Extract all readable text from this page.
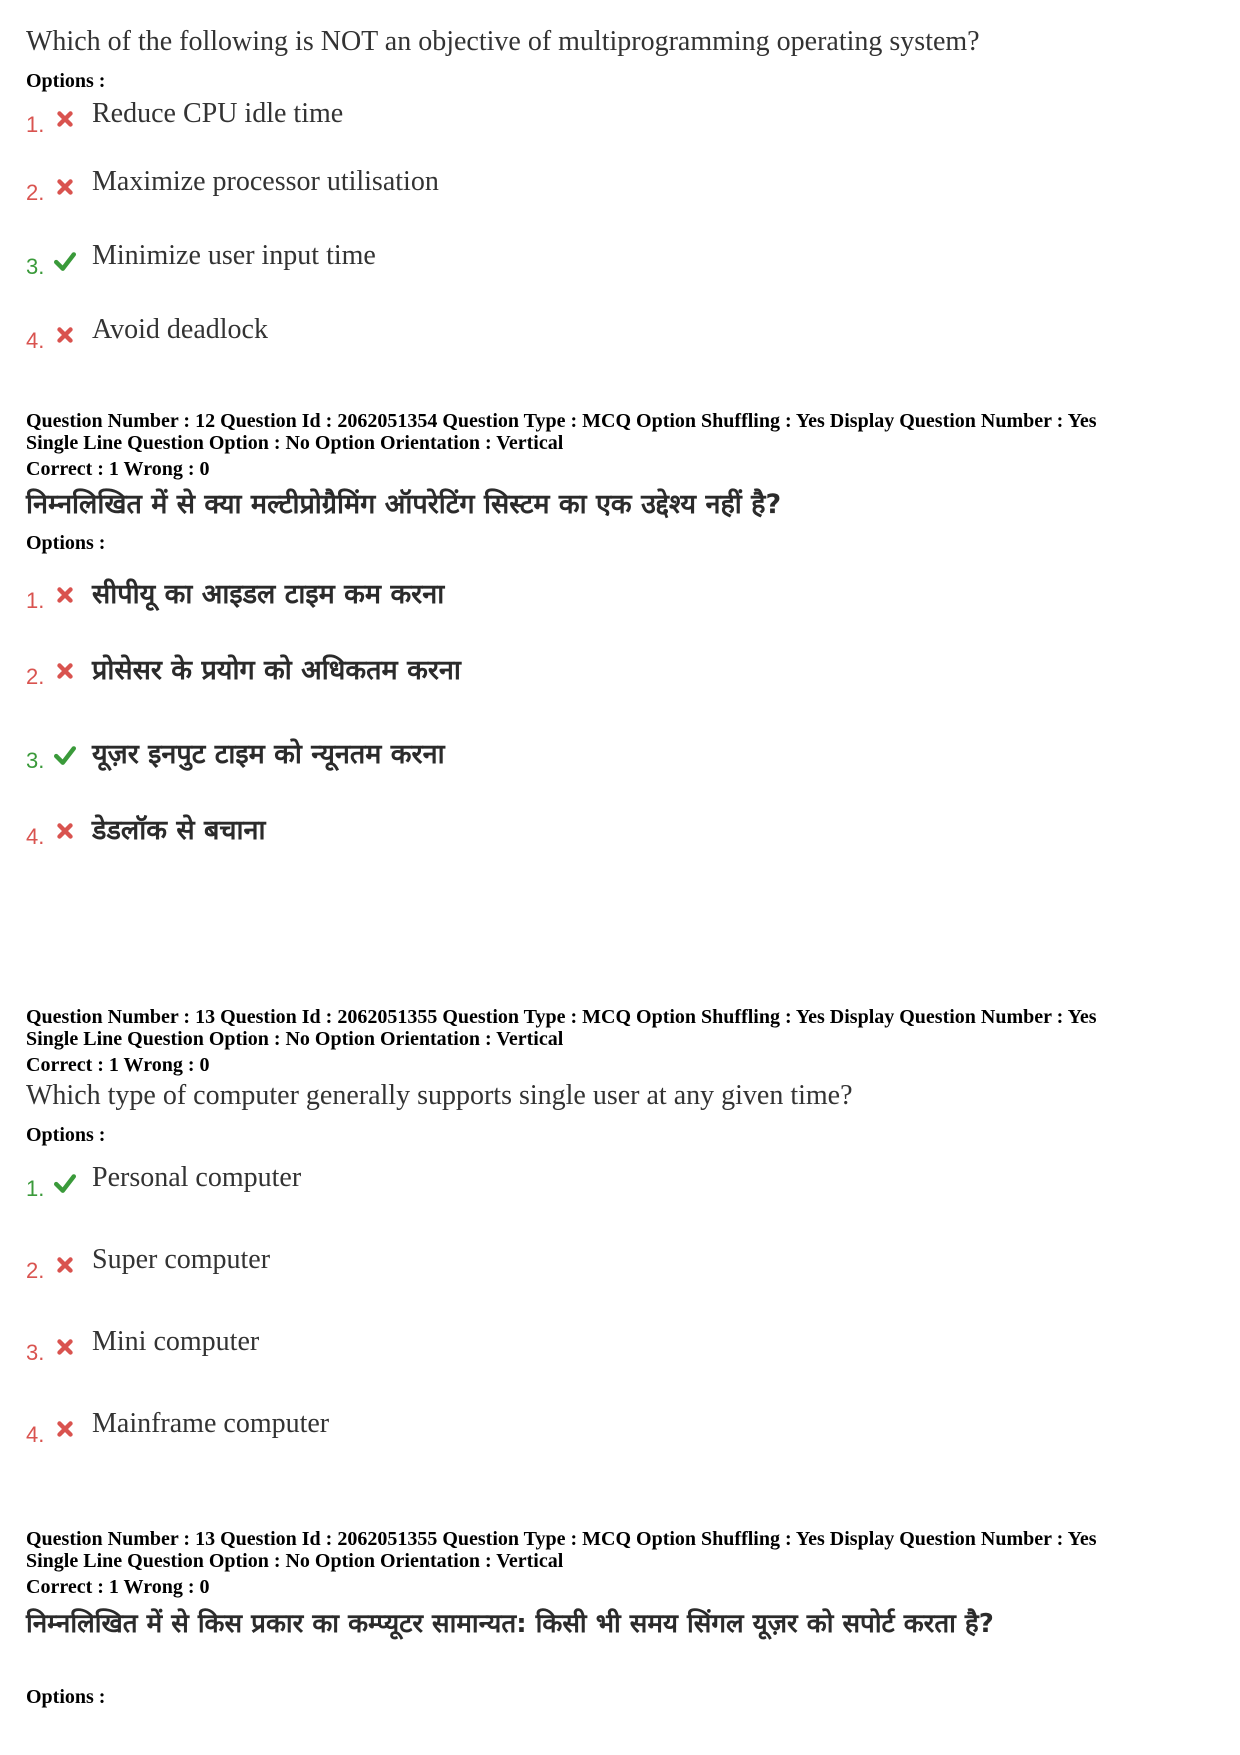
Which of the following is NOT an objective of multiprogramming operating system?
Options :
1. Reduce CPU idle time
2. Maximize processor utilisation
3. Minimize user input time
4. Avoid deadlock
Question Number : 12 Question Id : 2062051354 Question Type : MCQ Option Shuffling : Yes Display Question Number : Yes
Single Line Question Option : No Option Orientation : Vertical
Correct : 1 Wrong : 0
निम्नलिखित में से क्या मल्टीप्रोग्रैमिंग ऑपरेटिंग सिस्टम का एक उद्देश्य नहीं है?
Options :
1. सीपीयू का आइडल टाइम कम करना
2. प्रोसेसर के प्रयोग को अधिकतम करना
3. यूज़र इनपुट टाइम को न्यूनतम करना
4. डेडलॉक से बचाना
Question Number : 13 Question Id : 2062051355 Question Type : MCQ Option Shuffling : Yes Display Question Number : Yes
Single Line Question Option : No Option Orientation : Vertical
Correct : 1 Wrong : 0
Which type of computer generally supports single user at any given time?
Options :
1. Personal computer
2. Super computer
3. Mini computer
4. Mainframe computer
Question Number : 13 Question Id : 2062051355 Question Type : MCQ Option Shuffling : Yes Display Question Number : Yes
Single Line Question Option : No Option Orientation : Vertical
Correct : 1 Wrong : 0
निम्नलिखित में से किस प्रकार का कम्प्यूटर सामान्यत: किसी भी समय सिंगल यूज़र को सपोर्ट करता है?
Options :
